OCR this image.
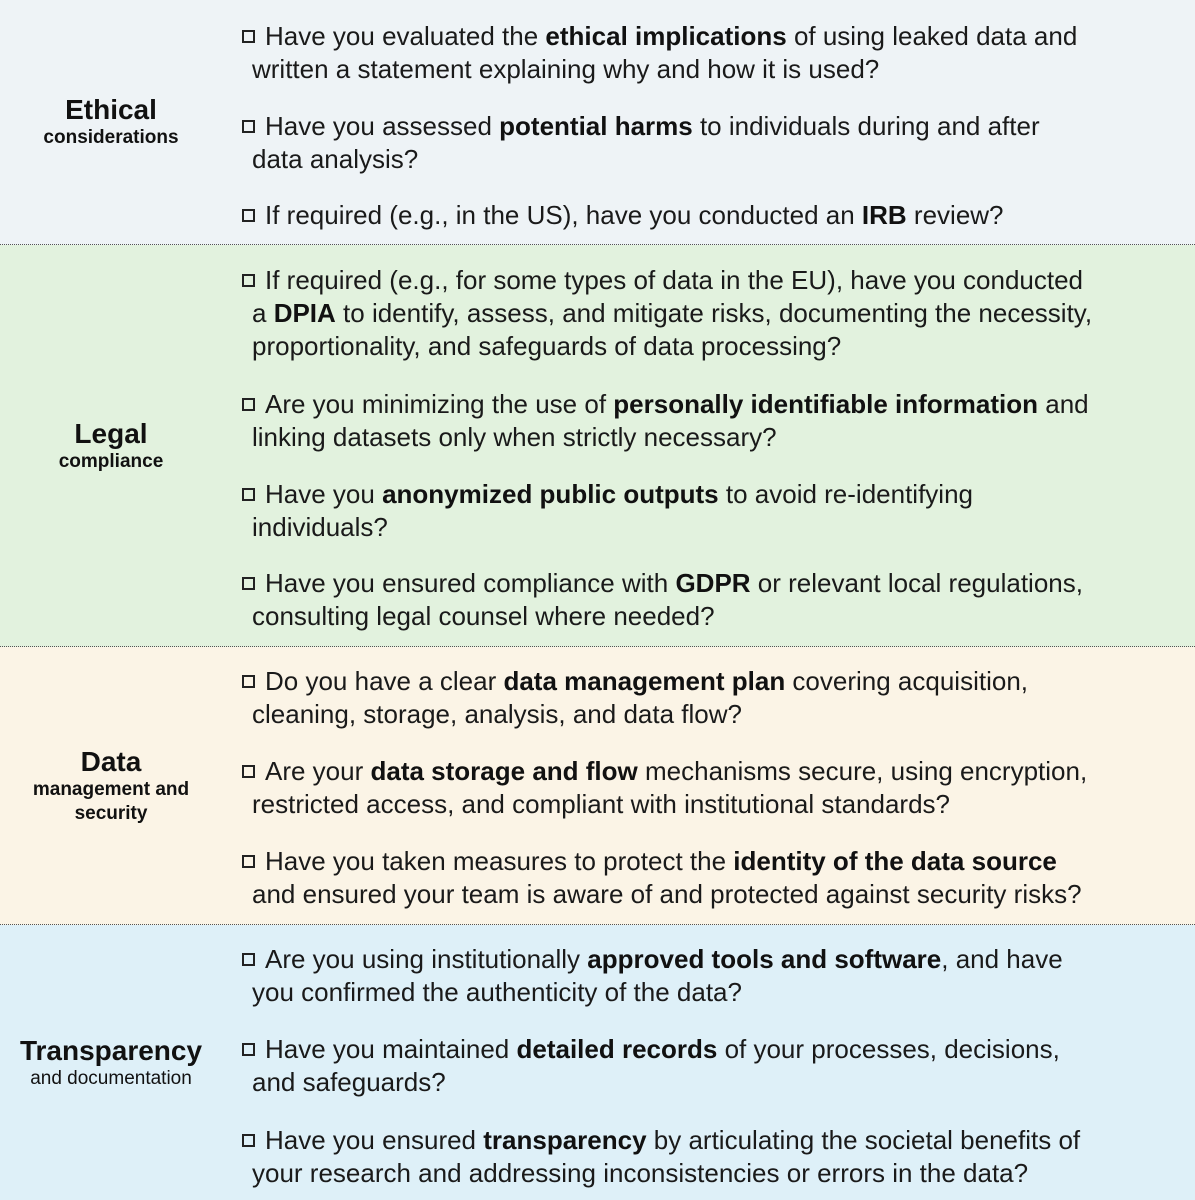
Ethical
considerations
Have you evaluated the ethical implications of using leaked data and
written a statement explaining why and how it is used?
Have you assessed potential harms to individuals during and after
data analysis?
If required (e.g., in the US), have you conducted an IRB review?
Legal
compliance
If required (e.g., for some types of data in the EU), have you conducted
a DPIA to identify, assess, and mitigate risks, documenting the necessity,
proportionality, and safeguards of data processing?
Are you minimizing the use of personally identifiable information and
linking datasets only when strictly necessary?
Have you anonymized public outputs to avoid re-identifying
individuals?
Have you ensured compliance with GDPR or relevant local regulations,
consulting legal counsel where needed?
Data
management and security
Do you have a clear data management plan covering acquisition,
cleaning, storage, analysis, and data flow?
Are your data storage and flow mechanisms secure, using encryption,
restricted access, and compliant with institutional standards?
Have you taken measures to protect the identity of the data source
and ensured your team is aware of and protected against security risks?
Transparency
and documentation
Are you using institutionally approved tools and software, and have
you confirmed the authenticity of the data?
Have you maintained detailed records of your processes, decisions,
and safeguards?
Have you ensured transparency by articulating the societal benefits of
your research and addressing inconsistencies or errors in the data?
